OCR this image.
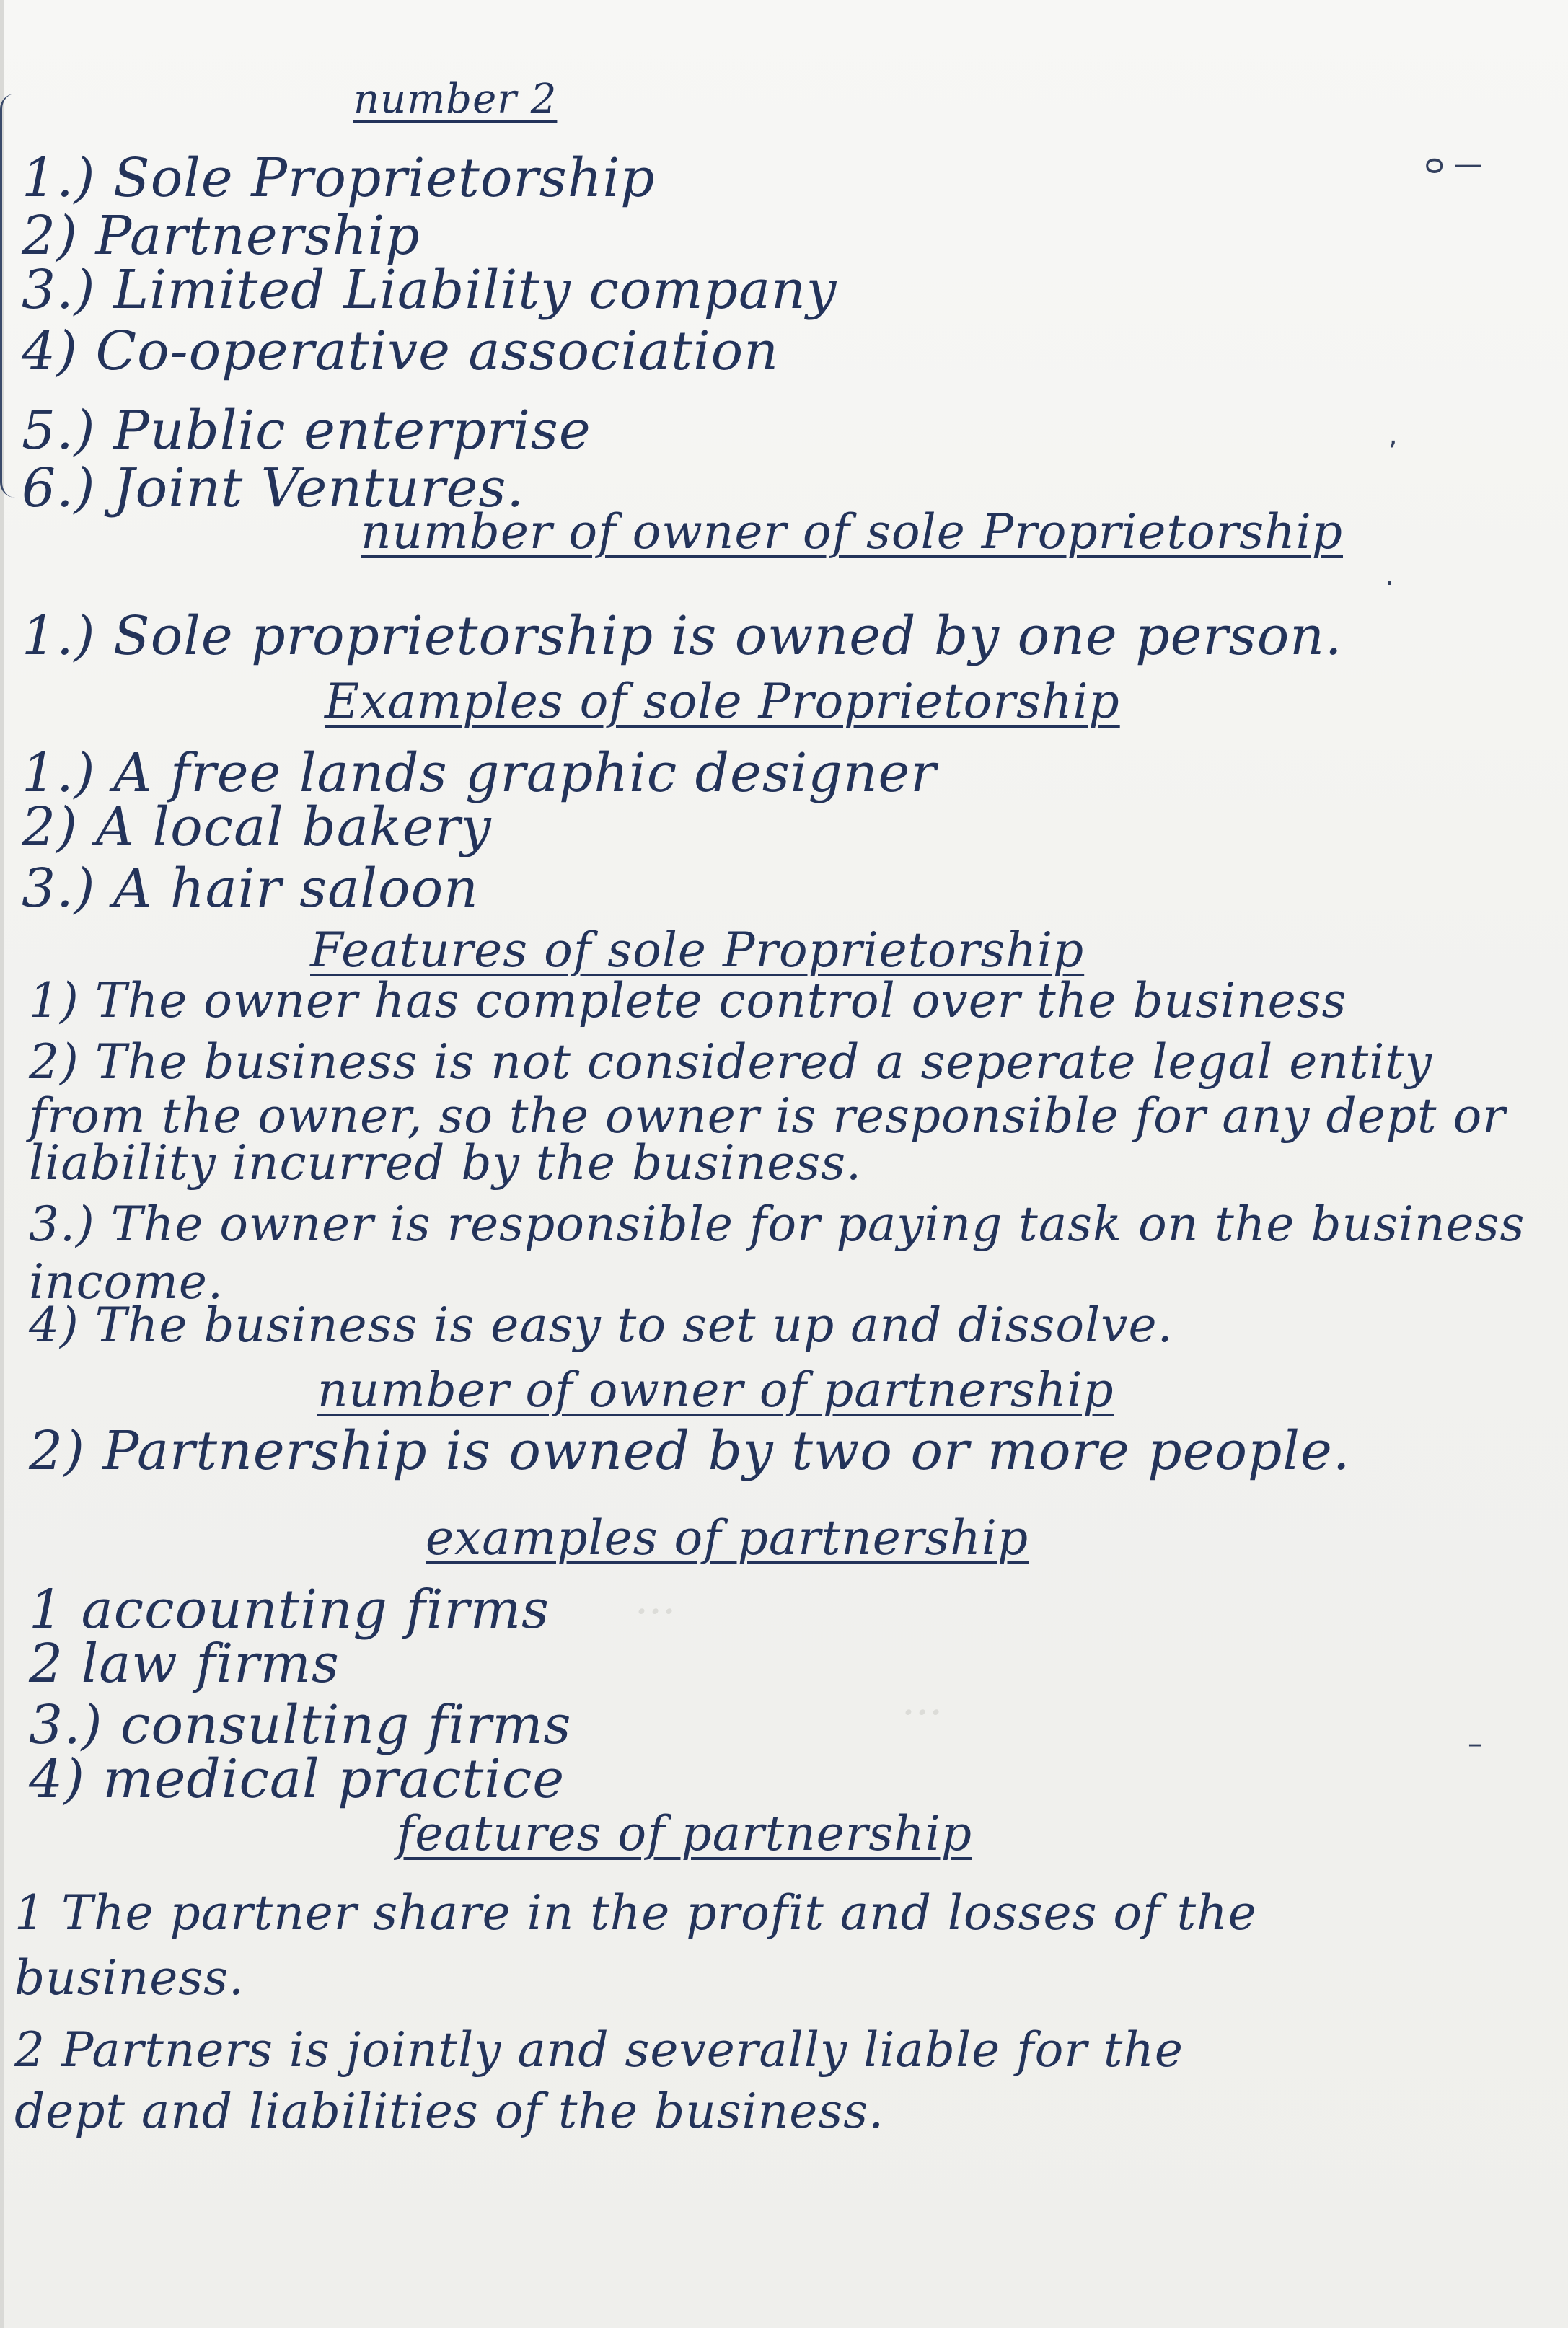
···
···
ᴑ —
,
.
–
number 2
1.) Sole Proprietorship
2) Partnership
3.) Limited Liability company
4) Co-operative association
5.) Public enterprise
6.) Joint Ventures.
number of owner of sole Proprietorship
1.) Sole proprietorship is owned by one person.
Examples of sole Proprietorship
1.) A free lands graphic designer
2) A local bakery
3.) A hair saloon
Features of sole Proprietorship
1) The owner has complete control over the business
2) The business is not considered a seperate legal entity
from the owner, so the owner is responsible for any dept or
liability incurred by the business.
3.) The owner is responsible for paying task on the business
income.
4) The business is easy to set up and dissolve.
number of owner of partnership
2) Partnership is owned by two or more people.
examples of partnership
1 accounting firms
2 law firms
3.) consulting firms
4) medical practice
features of partnership
1 The partner share in the profit and losses of the
business.
2 Partners is jointly and severally liable for the
dept and liabilities of the business.
